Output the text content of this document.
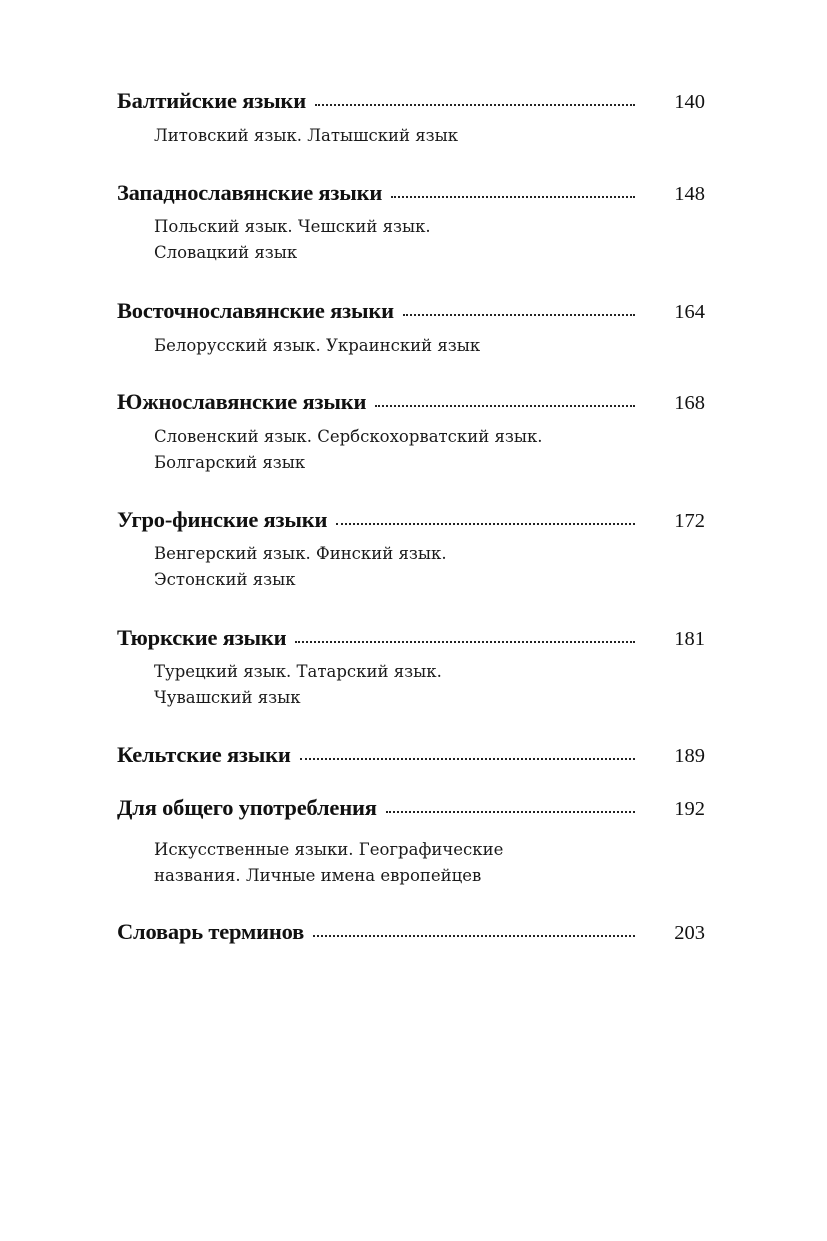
Балтийские языки	140
Литовский язык. Латышский язык
Западнославянские языки	148
Польский язык. Чешский язык. Словацкий язык
Восточнославянские языки	164
Белорусский язык. Украинский язык
Южнославянские языки	168
Словенский язык. Сербскохорватский язык. Болгарский язык
Угро-финские языки	172
Венгерский язык. Финский язык. Эстонский язык
Тюркские языки	181
Турецкий язык. Татарский язык. Чувашский язык
Кельтские языки	189
Для общего употребления	192
Искусственные языки. Географические названия. Личные имена европейцев
Словарь терминов	203
